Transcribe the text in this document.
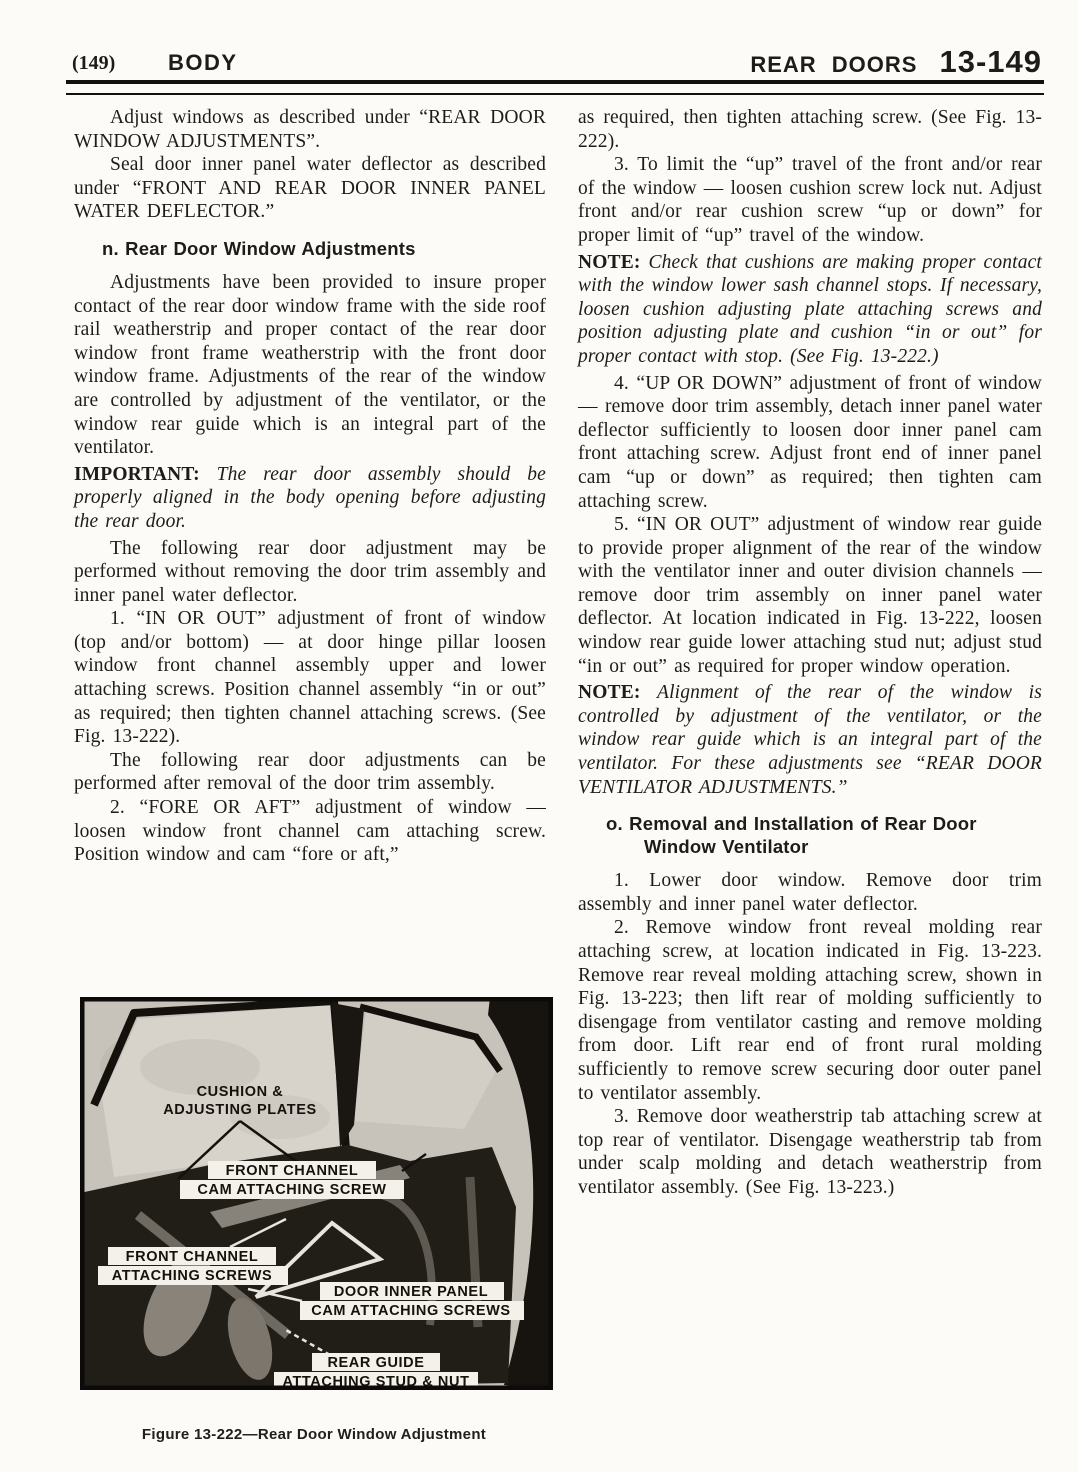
(149) BODY	REAR DOORS 13-149

Adjust windows as described under “REAR DOOR WINDOW ADJUSTMENTS”.

Seal door inner panel water deflector as described under “FRONT AND REAR DOOR INNER PANEL WATER DEFLECTOR.”

n. Rear Door Window Adjustments

Adjustments have been provided to insure proper contact of the rear door window frame with the side roof rail weatherstrip and proper contact of the rear door window front frame weatherstrip with the front door window frame. Adjustments of the rear of the window are controlled by adjustment of the ventilator, or the window rear guide which is an integral part of the ventilator.

IMPORTANT: The rear door assembly should be properly aligned in the body opening before adjusting the rear door.

The following rear door adjustment may be performed without removing the door trim assembly and inner panel water deflector.

1. “IN OR OUT” adjustment of front of window (top and/or bottom) — at door hinge pillar loosen window front channel assembly upper and lower attaching screws. Position channel assembly “in or out” as required; then tighten channel attaching screws. (See Fig. 13-222).

The following rear door adjustments can be performed after removal of the door trim assembly.

2. “FORE OR AFT” adjustment of window — loosen window front channel cam attaching screw. Position window and cam “fore or aft,”

as required, then tighten attaching screw. (See Fig. 13-222).

3. To limit the “up” travel of the front and/or rear of the window — loosen cushion screw lock nut. Adjust front and/or rear cushion screw “up or down” for proper limit of “up” travel of the window.

NOTE: Check that cushions are making proper contact with the window lower sash channel stops. If necessary, loosen cushion adjusting plate attaching screws and position adjusting plate and cushion “in or out” for proper contact with stop. (See Fig. 13-222.)

4. “UP OR DOWN” adjustment of front of window — remove door trim assembly, detach inner panel water deflector sufficiently to loosen door inner panel cam front attaching screw. Adjust front end of inner panel cam “up or down” as required; then tighten cam attaching screw.

5. “IN OR OUT” adjustment of window rear guide to provide proper alignment of the rear of the window with the ventilator inner and outer division channels — remove door trim assembly on inner panel water deflector. At location indicated in Fig. 13-222, loosen window rear guide lower attaching stud nut; adjust stud “in or out” as required for proper window operation.

NOTE: Alignment of the rear of the window is controlled by adjustment of the ventilator, or the window rear guide which is an integral part of the ventilator. For these adjustments see “REAR DOOR VENTILATOR ADJUSTMENTS.”

o. Removal and Installation of Rear Door Window Ventilator

1. Lower door window. Remove door trim assembly and inner panel water deflector.

2. Remove window front reveal molding rear attaching screw, at location indicated in Fig. 13-223. Remove rear reveal molding attaching screw, shown in Fig. 13-223; then lift rear of molding sufficiently to disengage from ventilator casting and remove molding from door. Lift rear end of front rural molding sufficiently to remove screw securing door outer panel to ventilator assembly.

3. Remove door weatherstrip tab attaching screw at top rear of ventilator. Disengage weatherstrip tab from under scalp molding and detach weatherstrip from ventilator assembly. (See Fig. 13-223.)

CUSHION &
ADJUSTING PLATES
FRONT CHANNEL
CAM ATTACHING SCREW
FRONT CHANNEL
ATTACHING SCREWS
DOOR INNER PANEL
CAM ATTACHING SCREWS
REAR GUIDE
ATTACHING STUD & NUT
Figure 13-222—Rear Door Window Adjustment
